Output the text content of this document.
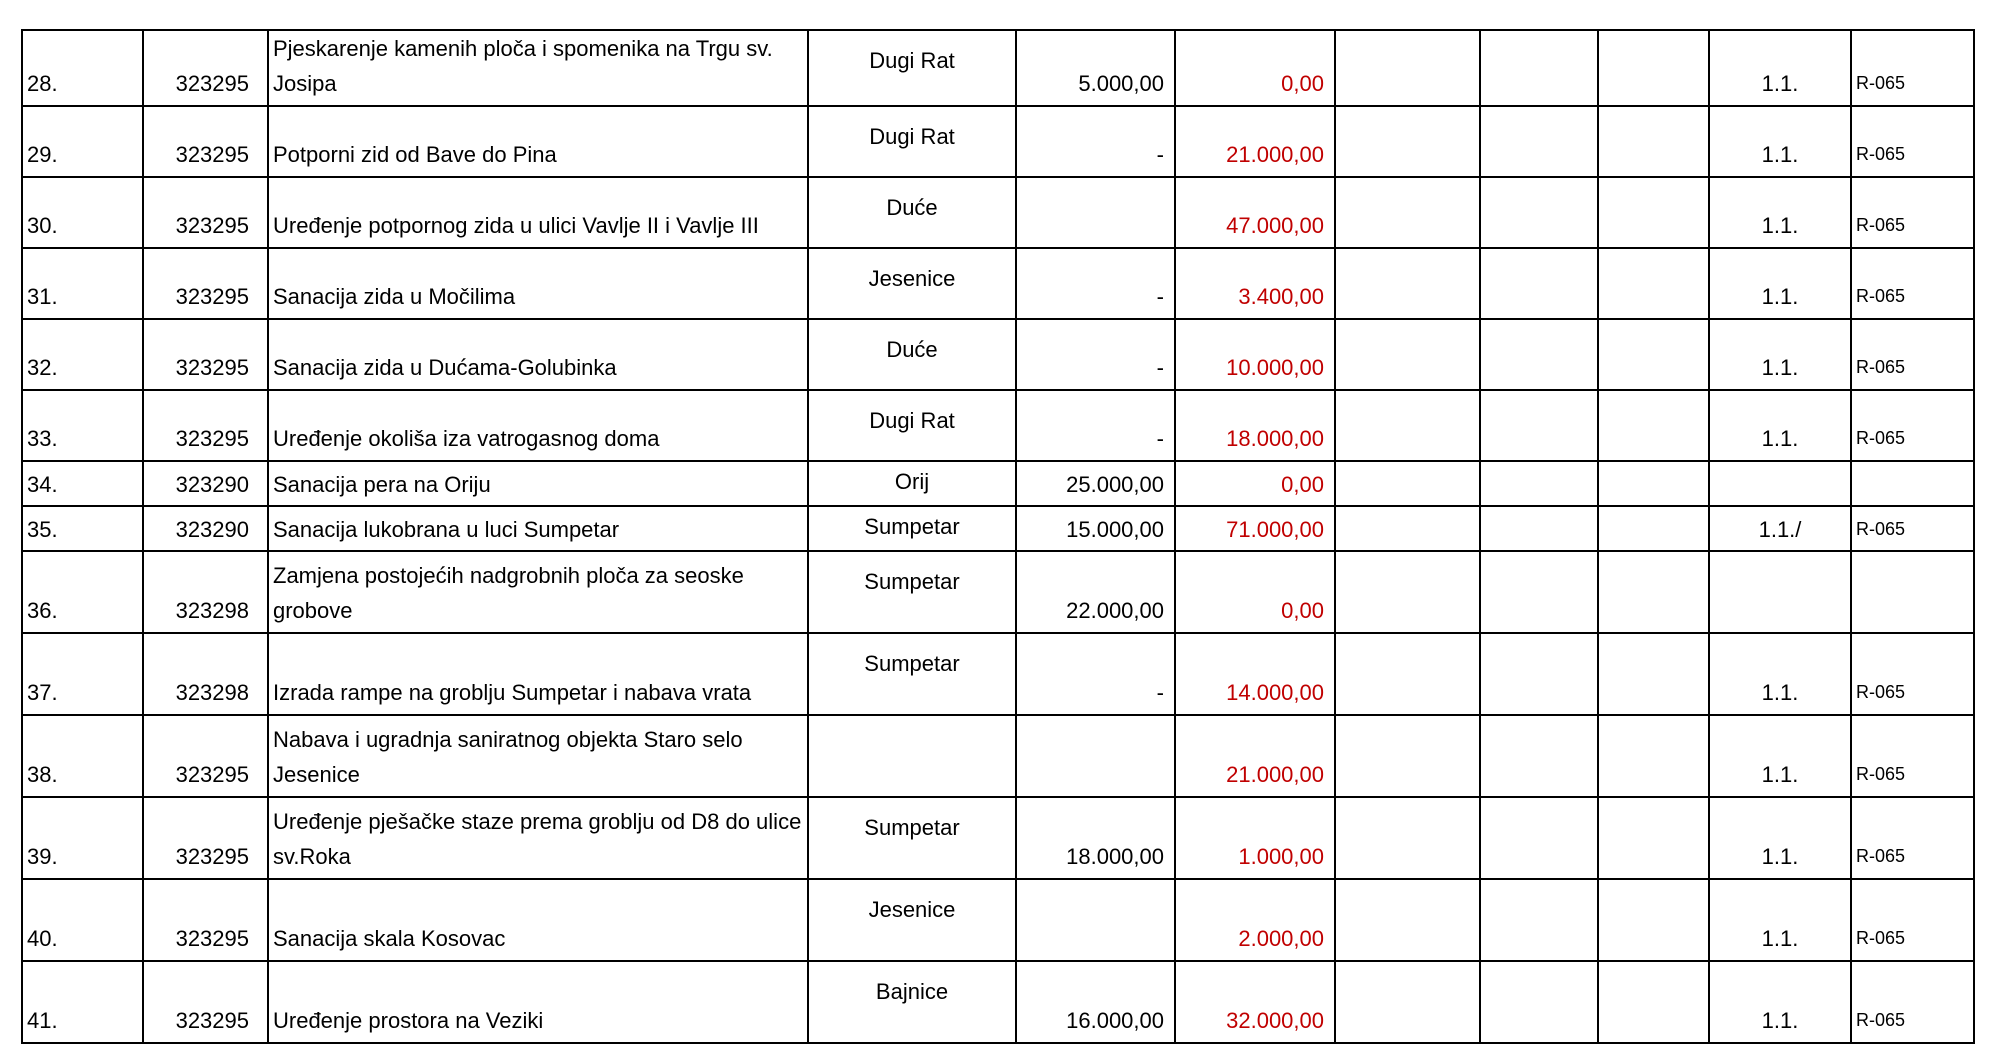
28.	323295	Pjeskarenje kamenih ploča i spomenika na Trgu sv. Josipa	Dugi Rat	5.000,00	0,00				1.1.	R-065
29.	323295	Potporni zid od Bave do Pina	Dugi Rat	-	21.000,00				1.1.	R-065
30.	323295	Uređenje potpornog zida u ulici Vavlje II i Vavlje III	Duće		47.000,00				1.1.	R-065
31.	323295	Sanacija zida u Močilima	Jesenice	-	3.400,00				1.1.	R-065
32.	323295	Sanacija zida u Dućama-Golubinka	Duće	-	10.000,00				1.1.	R-065
33.	323295	Uređenje okoliša iza vatrogasnog doma	Dugi Rat	-	18.000,00				1.1.	R-065
34.	323290	Sanacija pera na Oriju	Orij	25.000,00	0,00					
35.	323290	Sanacija lukobrana u luci Sumpetar	Sumpetar	15.000,00	71.000,00				1.1./	R-065
36.	323298	Zamjena postojećih nadgrobnih ploča za seoske grobove	Sumpetar	22.000,00	0,00					
37.	323298	Izrada rampe na groblju Sumpetar i nabava vrata	Sumpetar	-	14.000,00				1.1.	R-065
38.	323295	Nabava i ugradnja saniratnog objekta Staro selo Jesenice			21.000,00				1.1.	R-065
39.	323295	Uređenje pješačke staze prema groblju od D8 do ulice sv.Roka	Sumpetar	18.000,00	1.000,00				1.1.	R-065
40.	323295	Sanacija skala Kosovac	Jesenice		2.000,00				1.1.	R-065
41.	323295	Uređenje prostora na Veziki	Bajnice	16.000,00	32.000,00				1.1.	R-065
